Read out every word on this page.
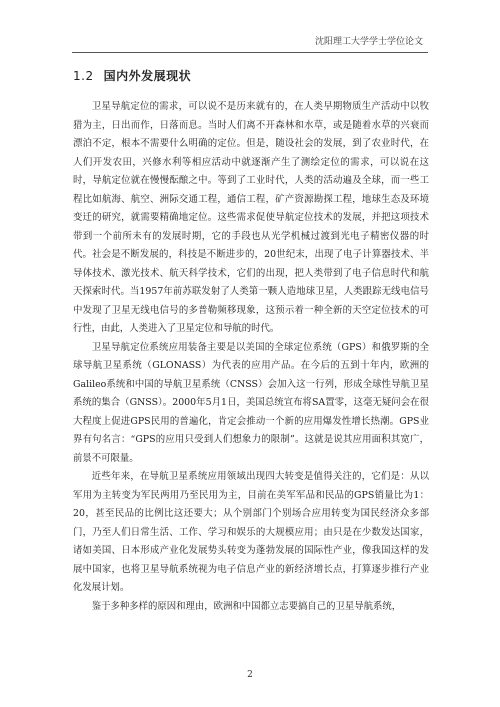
沈阳理工大学学士学位论文
1.2 国内外发展现状

卫星导航定位的需求，可以说不是历来就有的，在人类早期物质生产活动中以牧猎为主，日出而作，日落而息。当时人们离不开森林和水草，或是随着水草的兴衰而漂泊不定，根本不需要什么明确的定位。但是，随设社会的发展，到了农业时代，在人们开发农田，兴修水利等相应活动中就逐渐产生了测绘定位的需求，可以说在这时，导航定位就在慢慢酝酿之中。等到了工业时代，人类的活动遍及全球，而一些工程比如航海、航空、洲际交通工程，通信工程，矿产资源勘探工程，地球生态及环境变迁的研究，就需要精确地定位。这些需求促使导航定位技术的发展，并把这项技术带到一个前所未有的发展时期，它的手段也从光学机械过渡到光电子精密仪器的时代。社会是不断发展的，科技是不断进步的，20世纪末，出现了电子计算器技术、半导体技术、激光技术、航天科学技术，它们的出现，把人类带到了电子信息时代和航天探索时代。当1957年前苏联发射了人类第一颗人造地球卫星，人类跟踪无线电信号中发现了卫星无线电信号的多普勒频移现象，这预示着一种全新的天空定位技术的可行性，由此，人类进入了卫星定位和导航的时代。

卫星导航定位系统应用装备主要是以美国的全球定位系统（GPS）和俄罗斯的全球导航卫星系统（GLONASS）为代表的应用产品。在今后的五到十年内，欧洲的Galileo系统和中国的导航卫星系统（CNSS）会加入这一行列，形成全球性导航卫星系统的集合（GNSS）。2000年5月1日，美国总统宣布将SA置零，这毫无疑问会在很大程度上促进GPS民用的普遍化，肯定会推动一个新的应用爆发性增长热潮。GPS业界有句名言：“GPS的应用只受到人们想象力的限制”。这就是说其应用面积其宽广，前景不可限量。

近些年来，在导航卫星系统应用领域出现四大转变是值得关注的，它们是：从以军用为主转变为军民两用乃至民用为主，目前在美军军品和民品的GPS销量比为1：20，甚至民品的比例比这还要大；从个别部门个别场合应用转变为国民经济众多部门，乃至人们日常生活、工作、学习和娱乐的大规模应用；由只是在少数发达国家，诸如美国、日本形成产业化发展势头转变为蓬勃发展的国际性产业，像我国这样的发展中国家，也将卫星导航系统视为电子信息产业的新经济增长点，打算逐步推行产业化发展计划。

鉴于多种多样的原因和理由，欧洲和中国都立志要搞自己的卫星导航系统，

2
